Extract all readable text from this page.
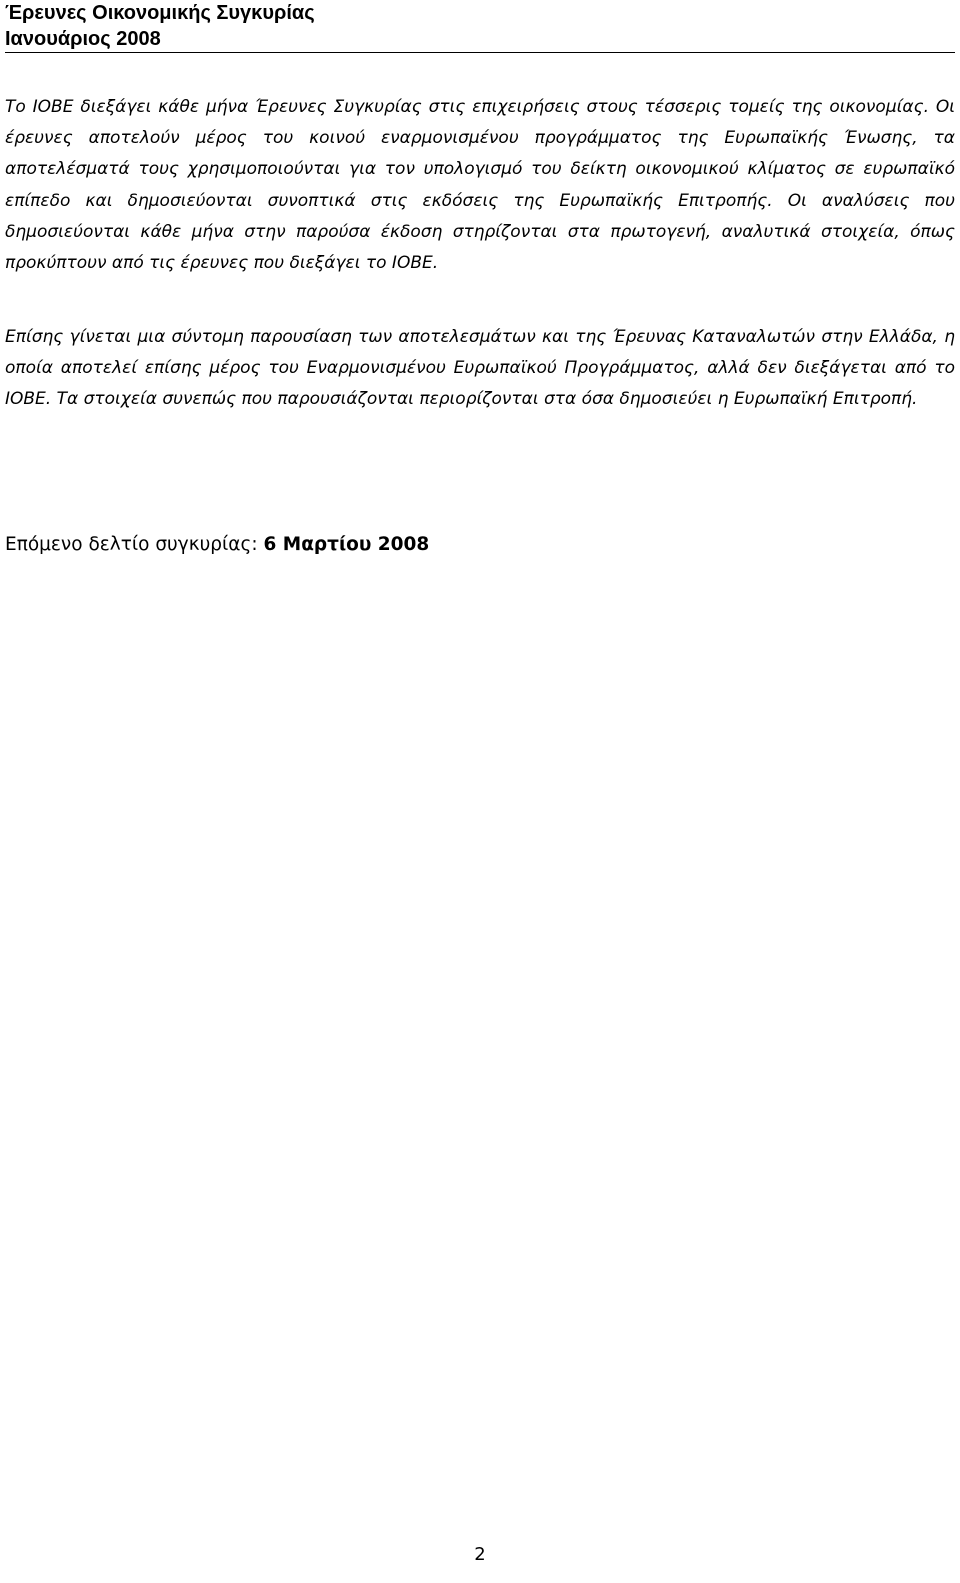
Έρευνες Οικονομικής Συγκυρίας

Ιανουάριος 2008

Το ΙΟΒΕ διεξάγει κάθε μήνα Έρευνες Συγκυρίας στις επιχειρήσεις στους τέσσερις τομείς της οικονομίας. Οι έρευνες αποτελούν μέρος του κοινού εναρμονισμένου προγράμματος της Ευρωπαϊκής Ένωσης, τα αποτελέσματά τους χρησιμοποιούνται για τον υπολογισμό του δείκτη οικονομικού κλίματος σε ευρωπαϊκό επίπεδο και δημοσιεύονται συνοπτικά στις εκδόσεις της Ευρωπαϊκής Επιτροπής. Οι αναλύσεις που δημοσιεύονται κάθε μήνα στην παρούσα έκδοση στηρίζονται στα πρωτογενή, αναλυτικά στοιχεία, όπως προκύπτουν από τις έρευνες που διεξάγει το ΙΟΒΕ.

Επίσης γίνεται μια σύντομη παρουσίαση των αποτελεσμάτων και της Έρευνας Καταναλωτών στην Ελλάδα, η οποία αποτελεί επίσης μέρος του Εναρμονισμένου Ευρωπαϊκού Προγράμματος, αλλά δεν διεξάγεται από το ΙΟΒΕ. Τα στοιχεία συνεπώς που παρουσιάζονται περιορίζονται στα όσα δημοσιεύει η Ευρωπαϊκή Επιτροπή.

Επόμενο δελτίο συγκυρίας: 6 Μαρτίου 2008

2
